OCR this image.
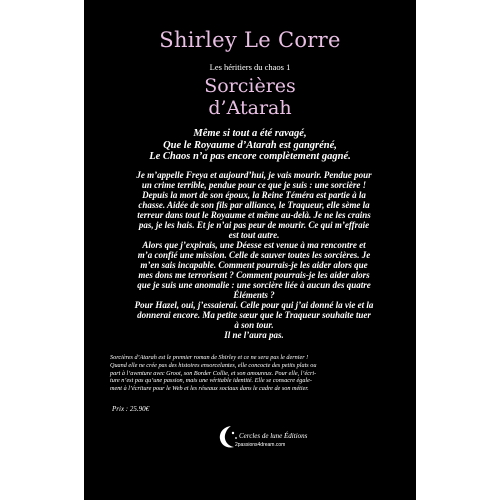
Shirley Le Corre
Les héritiers du chaos 1
Sorcières
d’Atarah
Même si tout a été ravagé,
Que le Royaume d’Atarah est gangréné,
Le Chaos n’a pas encore complètement gagné.
Je m’appelle Freya et aujourd’hui, je vais mourir. Pendue pour
un crime terrible, pendue pour ce que je suis : une sorcière !
Depuis la mort de son époux, la Reine Téméra est partie à la
chasse. Aidée de son fils par alliance, le Traqueur, elle sème la
terreur dans tout le Royaume et même au-delà. Je ne les crains
pas, je les hais. Et je n’ai pas peur de mourir. Ce qui m’effraie
est tout autre.
Alors que j’expirais, une Déesse est venue à ma rencontre et
m’a confié une mission. Celle de sauver toutes les sorcières. Je
m’en sais incapable. Comment pourrais-je les aider alors que
mes dons me terrorisent ? Comment pourrais-je les aider alors
que je suis une anomalie : une sorcière liée à aucun des quatre
Éléments ?
Pour Hazel, oui, j’essaierai. Celle pour qui j’ai donné la vie et la
donnerai encore. Ma petite sœur que le Traqueur souhaite tuer
à son tour.
Il ne l’aura pas.
Sorcières d’Atarah est le premier roman de Shirley et ce ne sera pas le dernier !
Quand elle ne crée pas des histoires ensorcelantes, elle concocte des petits plats ou
part à l’aventure avec Groot, son Border Collie, et son amoureux. Pour elle, l’écri-
ture n’est pas qu’une passion, mais une véritable identité. Elle se consacre égale-
ment à l’écriture pour le Web et les réseaux sociaux dans le cadre de son métier.
Prix : 25.90€
Cercles de lune Éditions
2passions4dream.com
